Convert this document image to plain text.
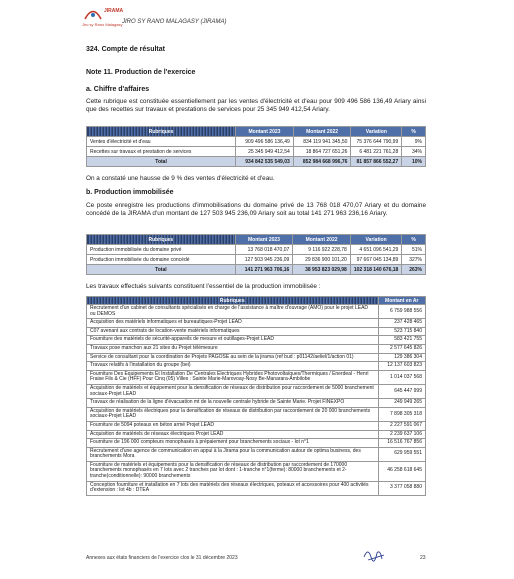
JIRAMA
Jiro sy Rano Malagasy JIRO SY RANO MALAGASY (JIRAMA)
324. Compte de résultat
Note 11. Production de l'exercice
a. Chiffre d'affaires
Cette rubrique est constituée essentiellement par les ventes d'électricité et d'eau pour 909 496 586 136,49 Ariary ainsi que des recettes sur travaux et prestations de services pour 25 345 949 412,54 Ariary.
Rubriques	Montant 2023	Montant 2022	Variation	%
Ventes d'électricité et d'eau	909 496 586 136,49	834 119 941 345,50	75 376 644 790,99	9%
Recettes sur travaux et prestation de services	25 345 949 412,54	18 864 727 651,26	6 481 221 761,28	34%
Total	934 842 535 549,03	852 984 668 996,76	81 857 866 552,27	10%
On a constaté une hausse de 9 % des ventes d'électricité et d'eau.
b. Production immobilisée
Ce poste enregistre les productions d'immobilisations du domaine privé de 13 768 018 470,07 Ariary et du domaine concédé de la JIRAMA d'un montant de 127 503 945 236,09 Ariary soit au total 141 271 963 236,16 Ariary.
Rubriques	Montant 2023	Montant 2022	Variation	%
Production immobilisée du domaine privé	13 768 018 470,07	9 116 922 228,78	4 651 096 541,29	51%
Production immobilisée du domaine concédé	127 503 945 236,09	29 836 900 101,20	97 667 045 134,89	327%
Total	141 271 963 706,16	38 953 823 029,98	102 318 140 676,18	263%
Les travaux effectués suivants constituent l'essentiel de la production immobilisée :
Rubriques	Montant en Ar
Recrutement d'un cabinet de consultants spécialisés en charge de l'assistance à maître d'ouvrage (AMO) pour le projet LEAD ou DEMOS	6 759 988 556
Acquisition des matériels informatiques et bureautiques-Projet LEAD	237 428 465
C07 avenant aux contrats de location-vente matériels informatiques	523 715 840
Fourniture des matériels de sécurité-appareils de mesure et outillages-Projet LEAD	583 421 755
Travaux pose manchon aux 21 sites du Projet télémesure	2 577 645 826
Service de consultant pour la coordination de Projets PAGOSE au sein de la jirama (ref bud : p01142/aeliel/1/action 01)	129 386 304
Travaux relatifs à l'installation du groupe (bei)	12 137 603 823
Fourniture Des Equipements Et Installation De Centrales Electriques Hybrides Photovoltaïques/Thermiques / Enerdeal - Henri Fraise Fils & Cie (HFF) Pour Cinq (05) Villes : Sainte Marie-Marovoay-Nosy Be-Manarara-Ambilobe	1 014 037 568
Acquisition de matériels et équipement pour la densification de réseaux de distribution pour raccordement de 5000 branchement sociaux-Projet LEAD	645 447 999
Travaux de réalisation de la ligne d'évacuation mt de la nouvelle centrale hybride de Sainte Marie. Projet FINEXPO	249 949 265
Acquisition de matériels électriques pour la densification de réseaux de distribution par raccordement de 20 000 branchements sociaux-Projet LEAD	7 898 305 318
Fourniture de 5094 poteaux en béton armé Projet LEAD	2 227 591 067
Acquisition de matériels de réseaux électriques Projet LEAD	2 239 637 106
Fourniture de 196 000 compteurs monophasés à prépaiement pour branchements sociaux - lot n°1	16 516 767 856
Recrutement d'une agence de communication en appui à la Jirama pour la communication autour de optima business, des branchements Mora	629 959 551
Fourniture de matériels et équipements pour la densification de réseaux de distribution par raccordement de 170000 branchements monophasés en 7 lots avec 2 tranches par lot dont : 1-tranche n°1(ferme): 80000 branchements et 2-tranche(conditionnelle): 90000 branchements	46 258 618 645
Conception fourniture et installation en 7 lots des matériels des réseaux électriques, poteaux et accessoires pour 400 activités d'extension : lot 4b : DTEA	3 377 058 880
Annexes aux états financiers de l'exercice clos le 31 décembre 2023	23
